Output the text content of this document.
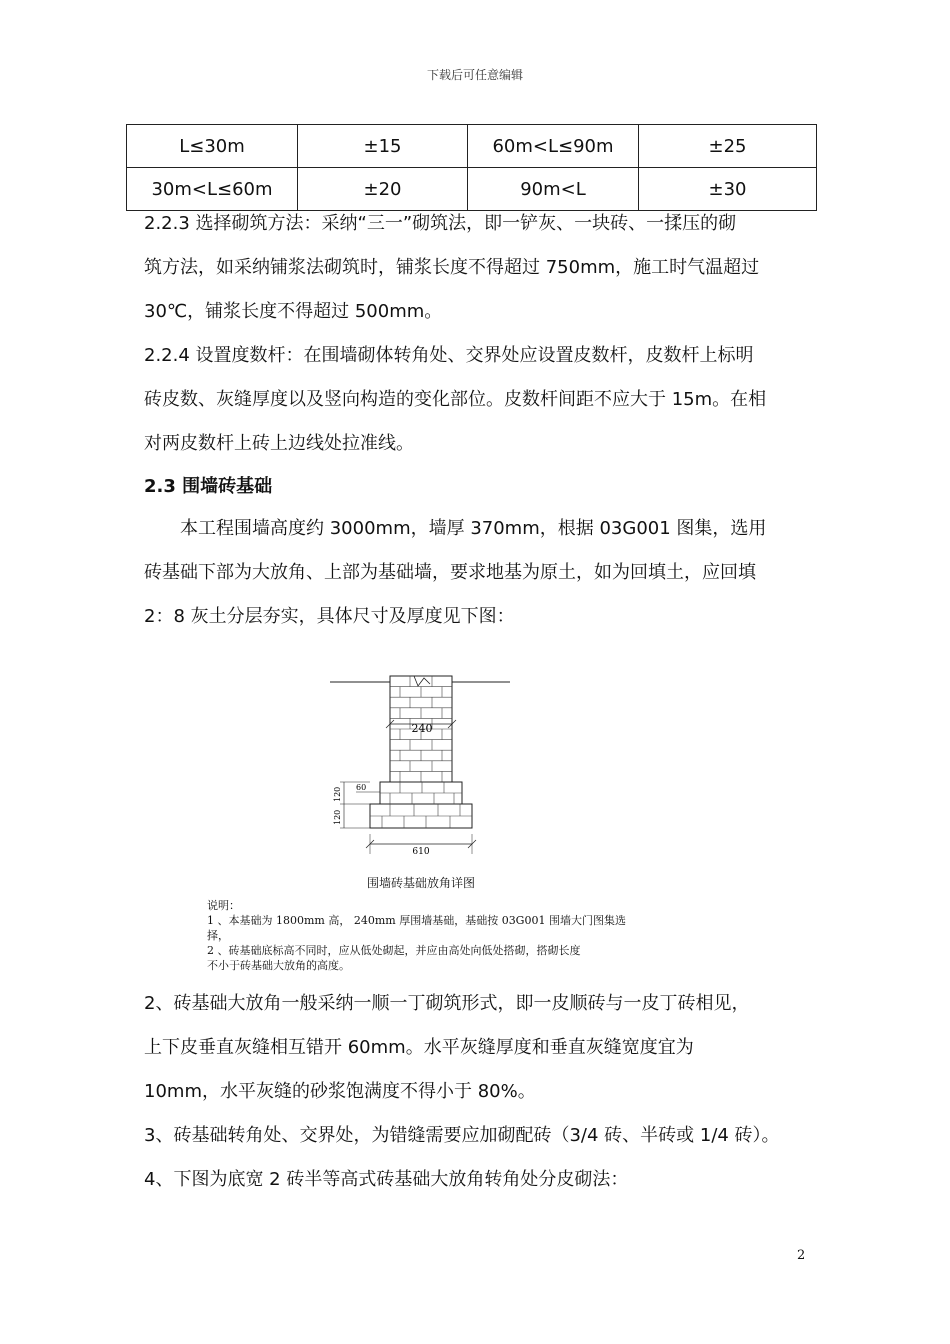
下载后可任意编辑
L≤30m	±15	60m<L≤90m	±25
30m<L≤60m	±20	90m<L	±30

2.2.3 选择砌筑方法：采纳“三一”砌筑法，即一铲灰、一块砖、一揉压的砌

筑方法，如采纳铺浆法砌筑时，铺浆长度不得超过 750mm，施工时气温超过

30℃，铺浆长度不得超过 500mm。

2.2.4 设置度数杆：在围墙砌体转角处、交界处应设置皮数杆，皮数杆上标明

砖皮数、灰缝厚度以及竖向构造的变化部位。皮数杆间距不应大于 15m。在相

对两皮数杆上砖上边线处拉准线。

2.3 围墙砖基础

本工程围墙高度约 3000mm，墙厚 370mm，根据 03G001 图集，选用

砖基础下部为大放角、上部为基础墙，要求地基为原土，如为回填土，应回填

2：8 灰土分层夯实，具体尺寸及厚度见下图：

240
60
120
120
610
围墙砖基础放角详图

说明：

1 、本基础为 1800mm 高， 240mm 厚围墙基础，基础按 03G001 围墙大门图集选

择，

2 、砖基础底标高不同时，应从低处砌起，并应由高处向低处搭砌，搭砌长度

不小于砖基础大放角的高度。

2、砖基础大放角一般采纳一顺一丁砌筑形式，即一皮顺砖与一皮丁砖相见，

上下皮垂直灰缝相互错开 60mm。水平灰缝厚度和垂直灰缝宽度宜为

10mm，水平灰缝的砂浆饱满度不得小于 80%。

3、砖基础转角处、交界处，为错缝需要应加砌配砖（3/4 砖、半砖或 1/4 砖）。

4、下图为底宽 2 砖半等高式砖基础大放角转角处分皮砌法：

2
